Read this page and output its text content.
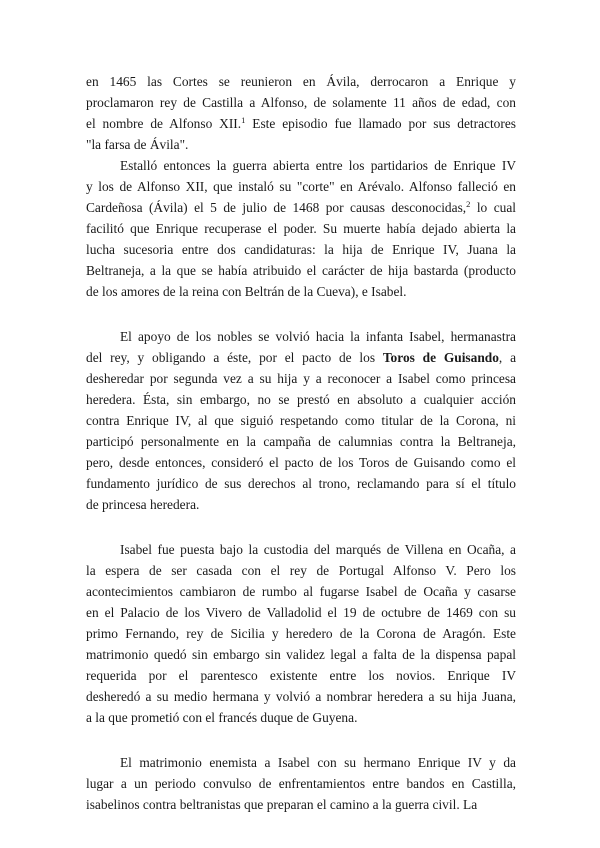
en 1465 las Cortes se reunieron en Ávila, derrocaron a Enrique y
proclamaron rey de Castilla a Alfonso, de solamente 11 años de edad, con
el nombre de Alfonso XII.$^1$ Este episodio fue llamado por sus detractores
"la farsa de Ávila".
Estalló entonces la guerra abierta entre los partidarios de Enrique IV
y los de Alfonso XII, que instaló su "corte" en Arévalo. Alfonso falleció en
Cardeñosa (Ávila) el 5 de julio de 1468 por causas desconocidas,$^2$ lo cual
facilitó que Enrique recuperase el poder. Su muerte había dejado abierta la
lucha sucesoria entre dos candidaturas: la hija de Enrique IV, Juana la
Beltraneja, a la que se había atribuido el carácter de hija bastarda (producto
de los amores de la reina con Beltrán de la Cueva), e Isabel.
El apoyo de los nobles se volvió hacia la infanta Isabel, hermanastra
del rey, y obligando a éste, por el pacto de los Toros de Guisando, a
desheredar por segunda vez a su hija y a reconocer a Isabel como princesa
heredera. Ésta, sin embargo, no se prestó en absoluto a cualquier acción
contra Enrique IV, al que siguió respetando como titular de la Corona, ni
participó personalmente en la campaña de calumnias contra la Beltraneja,
pero, desde entonces, consideró el pacto de los Toros de Guisando como el
fundamento jurídico de sus derechos al trono, reclamando para sí el título
de princesa heredera.
Isabel fue puesta bajo la custodia del marqués de Villena en Ocaña, a
la espera de ser casada con el rey de Portugal Alfonso V. Pero los
acontecimientos cambiaron de rumbo al fugarse Isabel de Ocaña y casarse
en el Palacio de los Vivero de Valladolid el 19 de octubre de 1469 con su
primo Fernando, rey de Sicilia y heredero de la Corona de Aragón. Este
matrimonio quedó sin embargo sin validez legal a falta de la dispensa papal
requerida por el parentesco existente entre los novios. Enrique IV
desheredó a su medio hermana y volvió a nombrar heredera a su hija Juana,
a la que prometió con el francés duque de Guyena.
El matrimonio enemista a Isabel con su hermano Enrique IV y da
lugar a un periodo convulso de enfrentamientos entre bandos en Castilla,
isabelinos contra beltranistas que preparan el camino a la guerra civil. La
